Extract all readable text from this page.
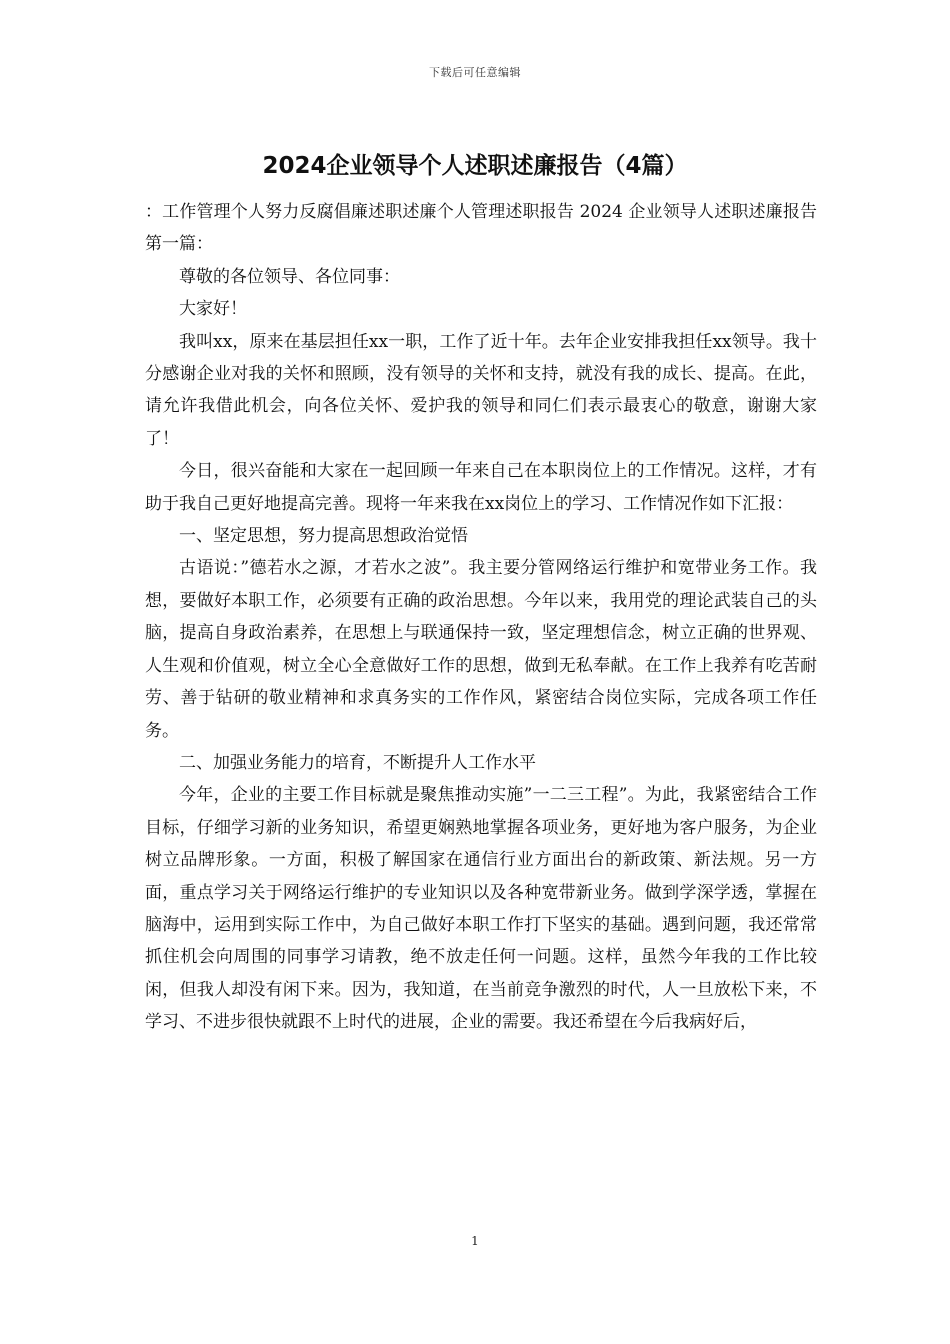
下载后可任意编辑
2024企业领导个人述职述廉报告（4篇）

：工作管理个人努力反腐倡廉述职述廉个人管理述职报告 2024 企业领导人述职述廉报告 第一篇：

尊敬的各位领导、各位同事：

大家好！

我叫xx，原来在基层担任xx一职，工作了近十年。去年企业安排我担任xx领导。我十分感谢企业对我的关怀和照顾，没有领导的关怀和支持，就没有我的成长、提高。在此，请允许我借此机会，向各位关怀、爱护我的领导和同仁们表示最衷心的敬意，谢谢大家了！

今日，很兴奋能和大家在一起回顾一年来自己在本职岗位上的工作情况。这样，才有助于我自己更好地提高完善。现将一年来我在xx岗位上的学习、工作情况作如下汇报：

一、坚定思想，努力提高思想政治觉悟

古语说：”德若水之源，才若水之波”。我主要分管网络运行维护和宽带业务工作。我想，要做好本职工作，必须要有正确的政治思想。今年以来，我用党的理论武装自己的头脑，提高自身政治素养，在思想上与联通保持一致，坚定理想信念，树立正确的世界观、人生观和价值观，树立全心全意做好工作的思想，做到无私奉献。在工作上我养有吃苦耐劳、善于钻研的敬业精神和求真务实的工作作风，紧密结合岗位实际，完成各项工作任务。

二、加强业务能力的培育，不断提升人工作水平

今年，企业的主要工作目标就是聚焦推动实施”一二三工程”。为此，我紧密结合工作目标，仔细学习新的业务知识，希望更娴熟地掌握各项业务，更好地为客户服务，为企业树立品牌形象。一方面，积极了解国家在通信行业方面出台的新政策、新法规。另一方面，重点学习关于网络运行维护的专业知识以及各种宽带新业务。做到学深学透，掌握在脑海中，运用到实际工作中，为自己做好本职工作打下坚实的基础。遇到问题，我还常常抓住机会向周围的同事学习请教，绝不放走任何一问题。这样，虽然今年我的工作比较闲，但我人却没有闲下来。因为，我知道，在当前竞争激烈的时代，人一旦放松下来，不学习、不进步很快就跟不上时代的进展，企业的需要。我还希望在今后我病好后，

1
